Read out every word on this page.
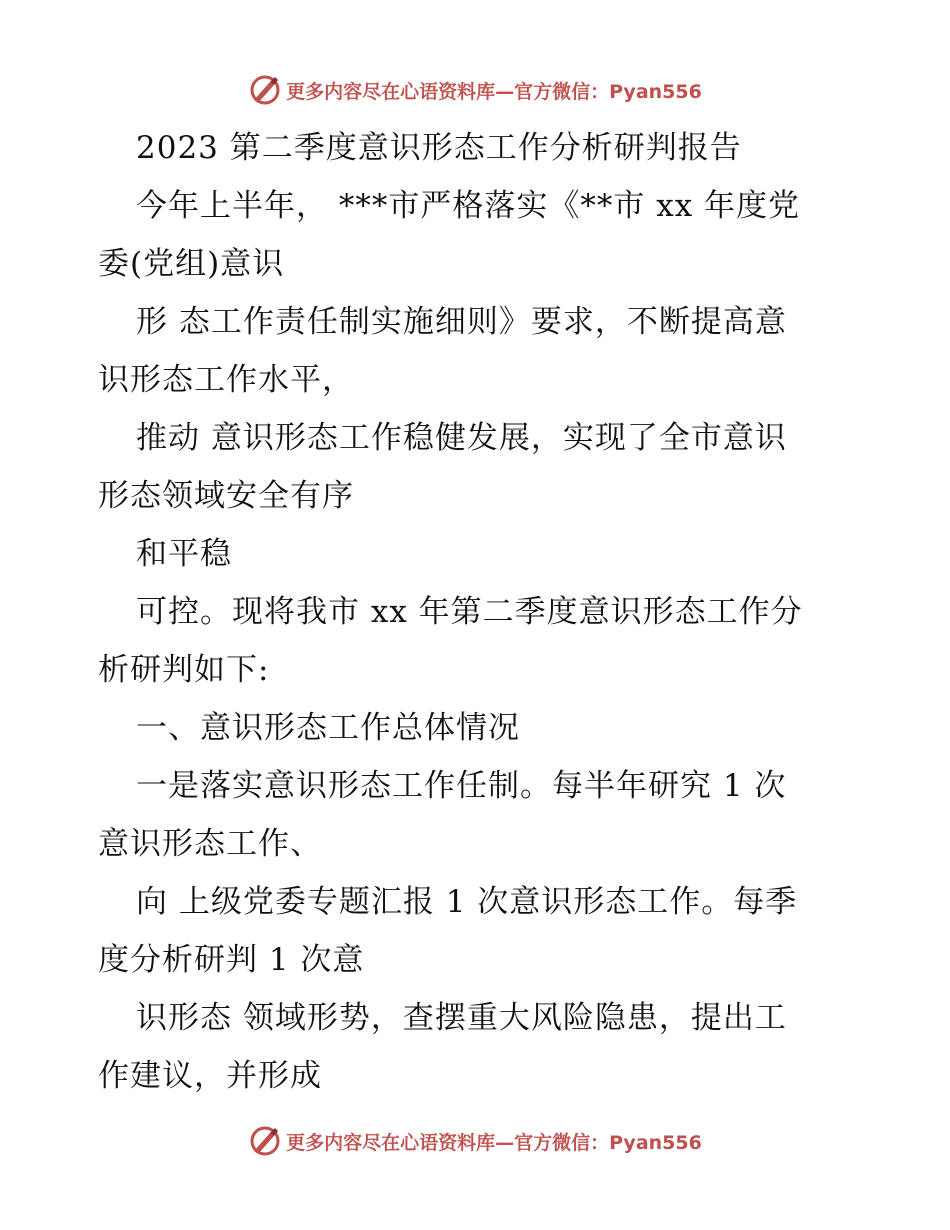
更多内容尽在心语资料库—官方微信：Pyan556
2023 第二季度意识形态工作分析研判报告
今年上半年， ***市严格落实《**市 xx 年度党
委(党组)意识
形 态工作责任制实施细则》要求，不断提高意
识形态工作水平，
推动 意识形态工作稳健发展，实现了全市意识
形态领域安全有序
和平稳
可控。现将我市 xx 年第二季度意识形态工作分
析研判如下:
一、意识形态工作总体情况
一是落实意识形态工作任制。每半年研究 1 次
意识形态工作、
向 上级党委专题汇报 1 次意识形态工作。每季
度分析研判 1 次意
识形态 领域形势，查摆重大风险隐患，提出工
作建议，并形成
更多内容尽在心语资料库—官方微信：Pyan556
